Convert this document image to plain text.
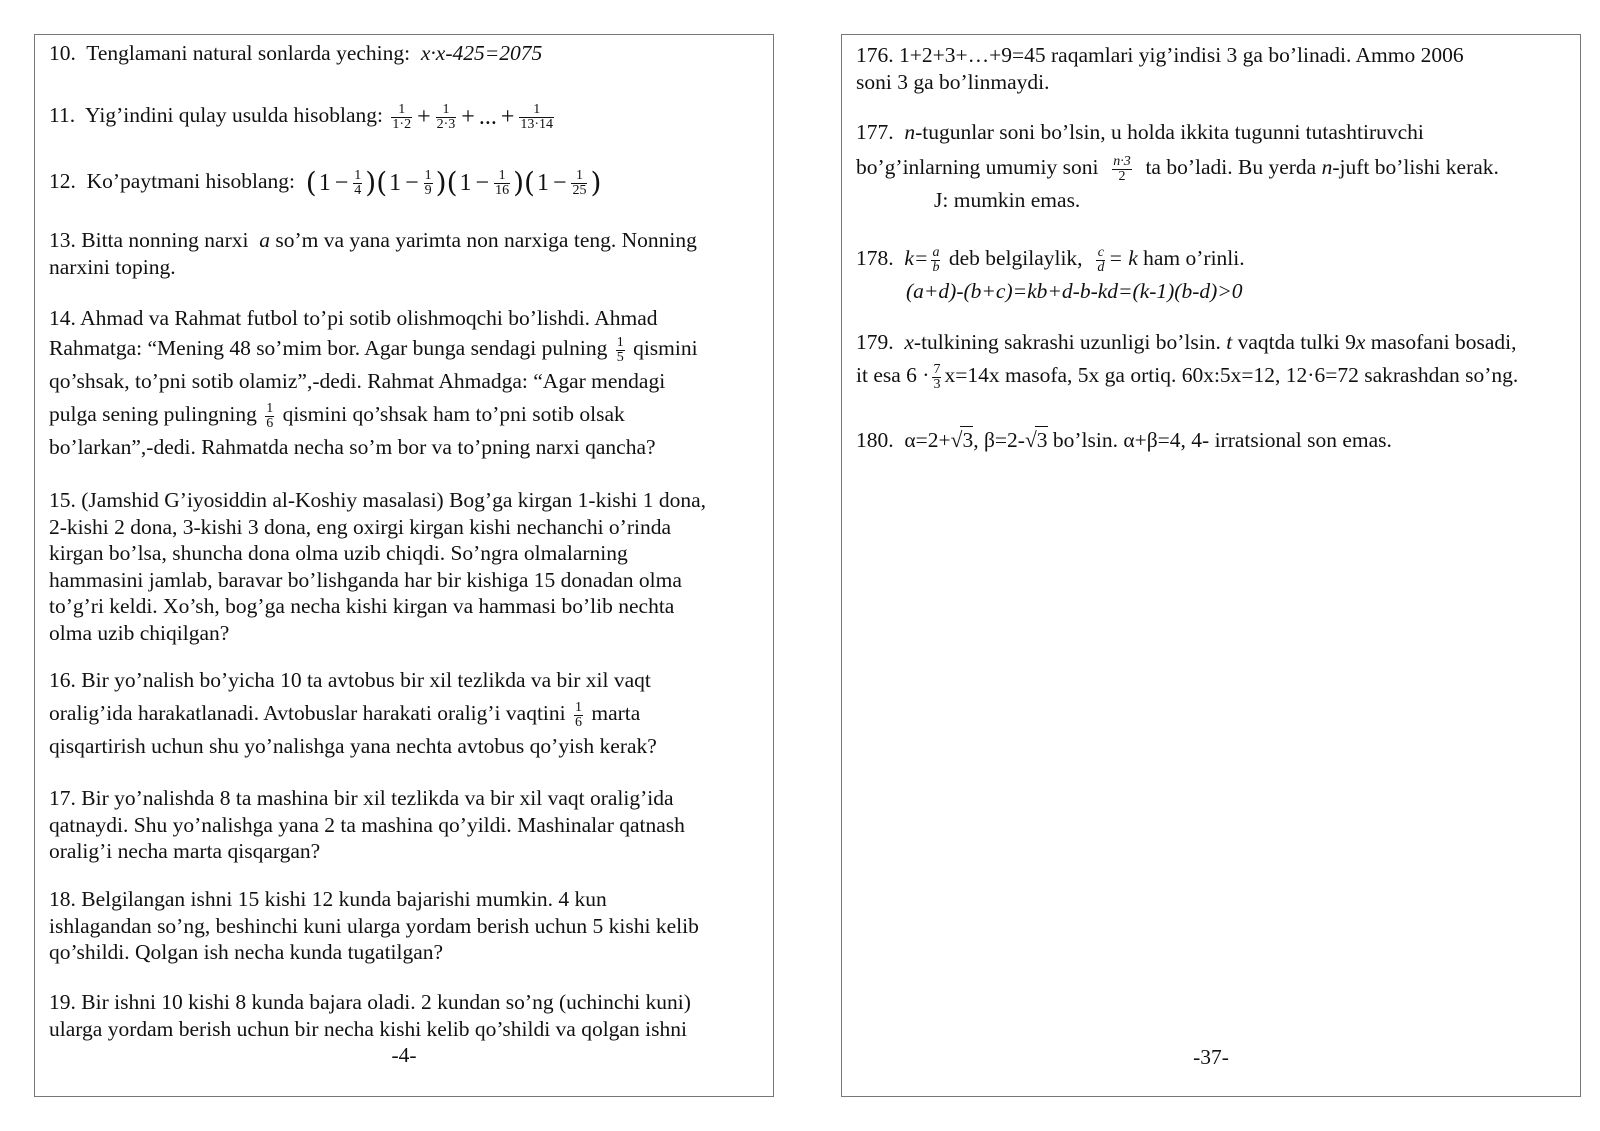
10. Tenglamani natural sonlarda yeching: x·x-425=2075
11. Yig’indini qulay usulda hisoblang: $\frac{1}{1\cdot 2} + \frac{1}{2\cdot 3}$ + ... + $\frac{1}{13\cdot 14}$
12. Ko’paytmani hisoblang: $(1 - \frac{1}{4} )(1 - \frac{1}{9} )(1 - \frac{1}{16} )(1 - \frac{1}{25}$ )
13. Bitta nonning narxi a so’m va yana yarimta non narxiga teng. Nonning
narxini toping.
14. Ahmad va Rahmat futbol to’pi sotib olishmoqchi bo’lishdi. Ahmad
Rahmatga: “Mening 48 so’mim bor. Agar bunga sendagi pulning $\frac{1}{5}$ qismini
qo’shsak, to’pni sotib olamiz”,-dedi. Rahmat Ahmadga: “Agar mendagi
pulga sening pulingning $\frac{1}{6}$ qismini qo’shsak ham to’pni sotib olsak
bo’larkan”,-dedi. Rahmatda necha so’m bor va to’pning narxi qancha?
15. (Jamshid G’iyosiddin al-Koshiy masalasi) Bog’ga kirgan 1-kishi 1 dona,
2-kishi 2 dona, 3-kishi 3 dona, eng oxirgi kirgan kishi nechanchi o’rinda
kirgan bo’lsa, shuncha dona olma uzib chiqdi. So’ngra olmalarning
hammasini jamlab, baravar bo’lishganda har bir kishiga 15 donadan olma
to’g’ri keldi. Xo’sh, bog’ga necha kishi kirgan va hammasi bo’lib nechta
olma uzib chiqilgan?
16. Bir yo’nalish bo’yicha 10 ta avtobus bir xil tezlikda va bir xil vaqt
oralig’ida harakatlanadi. Avtobuslar harakati oralig’i vaqtini $\frac{1}{6}$ marta
qisqartirish uchun shu yo’nalishga yana nechta avtobus qo’yish kerak?
17. Bir yo’nalishda 8 ta mashina bir xil tezlikda va bir xil vaqt oralig’ida
qatnaydi. Shu yo’nalishga yana 2 ta mashina qo’yildi. Mashinalar qatnash
oralig’i necha marta qisqargan?
18. Belgilangan ishni 15 kishi 12 kunda bajarishi mumkin. 4 kun
ishlagandan so’ng, beshinchi kuni ularga yordam berish uchun 5 kishi kelib
qo’shildi. Qolgan ish necha kunda tugatilgan?
19. Bir ishni 10 kishi 8 kunda bajara oladi. 2 kundan so’ng (uchinchi kuni)
ularga yordam berish uchun bir necha kishi kelib qo’shildi va qolgan ishni
-4-
176. 1+2+3+…+9=45 raqamlari yig’indisi 3 ga bo’linadi. Ammo 2006
soni 3 ga bo’linmaydi.
177. n-tugunlar soni bo’lsin, u holda ikkita tugunni tutashtiruvchi
bo’g’inlarning umumiy soni $\frac{n\cdot 3}{2}$ ta bo’ladi. Bu yerda n-juft bo’lishi kerak.
J: mumkin emas.
178. $k= \frac{a}{b}$ deb belgilaylik, $\frac{c}{d} = k$ ham o’rinli.
(a+d)-(b+c)=kb+d-b-kd=(k-1)(b-d)>0
179. x-tulkining sakrashi uzunligi bo’lsin. t vaqtda tulki 9x masofani bosadi,
it esa $6 \cdot \frac{7}{3} x=14x$ masofa, 5x ga ortiq. 60x:5x=12, 12·6=72 sakrashdan so’ng.
180. α=2+√3, β=2-√3 bo’lsin. α+β=4, 4- irratsional son emas.
-37-
